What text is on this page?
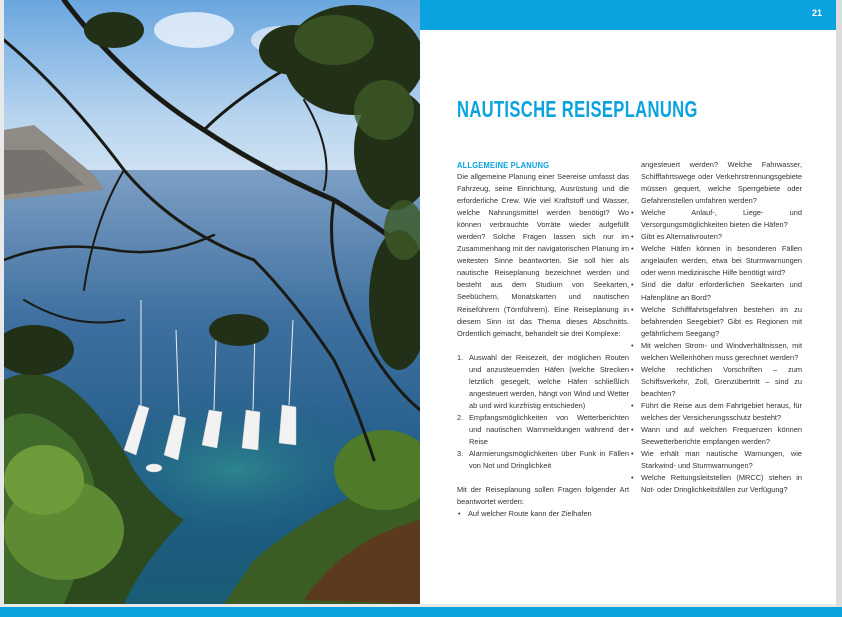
21
NAUTISCHE REISEPLANUNG
ALLGEMEINE PLANUNG

Die allgemeine Planung einer Seereise umfasst das Fahrzeug, seine Einrichtung, Ausrüstung und die erforderliche Crew. Wie viel Kraftstoff und Wasser, welche Nahrungsmittel werden benötigt? Wo können verbrauchte Vorräte wieder aufgefüllt werden? Solche Fragen lassen sich nur im Zusammenhang mit der navigatorischen Planung im weitesten Sinne beantworten. Sie soll hier als nautische Reiseplanung bezeichnet werden und besteht aus dem Studium von Seekarten, Seebüchern, Monatskarten und nautischen Reiseführern (Törnführern). Eine Reiseplanung in diesem Sinn ist das Thema dieses Abschnitts. Ordentlich gemacht, behandelt sie drei Komplexe:

1. Auswahl der Reisezeit, der möglichen Routen und anzusteuernden Häfen (welche Strecken letztlich gesegelt, welche Häfen schließlich angesteuert werden, hängt von Wind und Wetter ab und wird kurzfristig entschieden)
2. Empfangsmöglichkeiten von Wetterberichten und nautischen Warnmeldungen während der Reise
3. Alarmierungsmöglichkeiten über Funk in Fällen von Not und Dringlichkeit

Mit der Reiseplanung sollen Fragen folgender Art beantwortet werden:

• Auf welcher Route kann der Zielhafen
angesteuert werden? Welche Fahrwasser, Schifffahrtswege oder Verkehrstrennungsgebiete müssen gequert, welche Sperrgebiete oder Gefahrenstellen umfahren werden?
• Welche Anlauf-, Liege- und Versorgungsmöglichkeiten bieten die Häfen?
• Gibt es Alternativrouten?
• Welche Häfen können in besonderen Fällen angelaufen werden, etwa bei Sturmwarnungen oder wenn medizinische Hilfe benötigt wird?
• Sind die dafür erforderlichen Seekarten und Hafenpläne an Bord?
• Welche Schifffahrtsgefahren bestehen im zu befahrenden Seegebiet? Gibt es Regionen mit gefährlichem Seegang?
• Mit welchen Strom- und Windverhältnissen, mit welchen Wellenhöhen muss gerechnet werden?
• Welche rechtlichen Vorschriften – zum Schiffsverkehr, Zoll, Grenzübertritt – sind zu beachten?
• Führt die Reise aus dem Fahrtgebiet heraus, für welches der Versicherungsschutz besteht?
• Wann und auf welchen Frequenzen können Seewetterberichte empfangen werden?
• Wie erhält man nautische Warnungen, wie Starkwind- und Sturmwarnungen?
• Welche Rettungsleitstellen (MRCC) stehen in Not- oder Dringlichkeitsfällen zur Verfügung?
